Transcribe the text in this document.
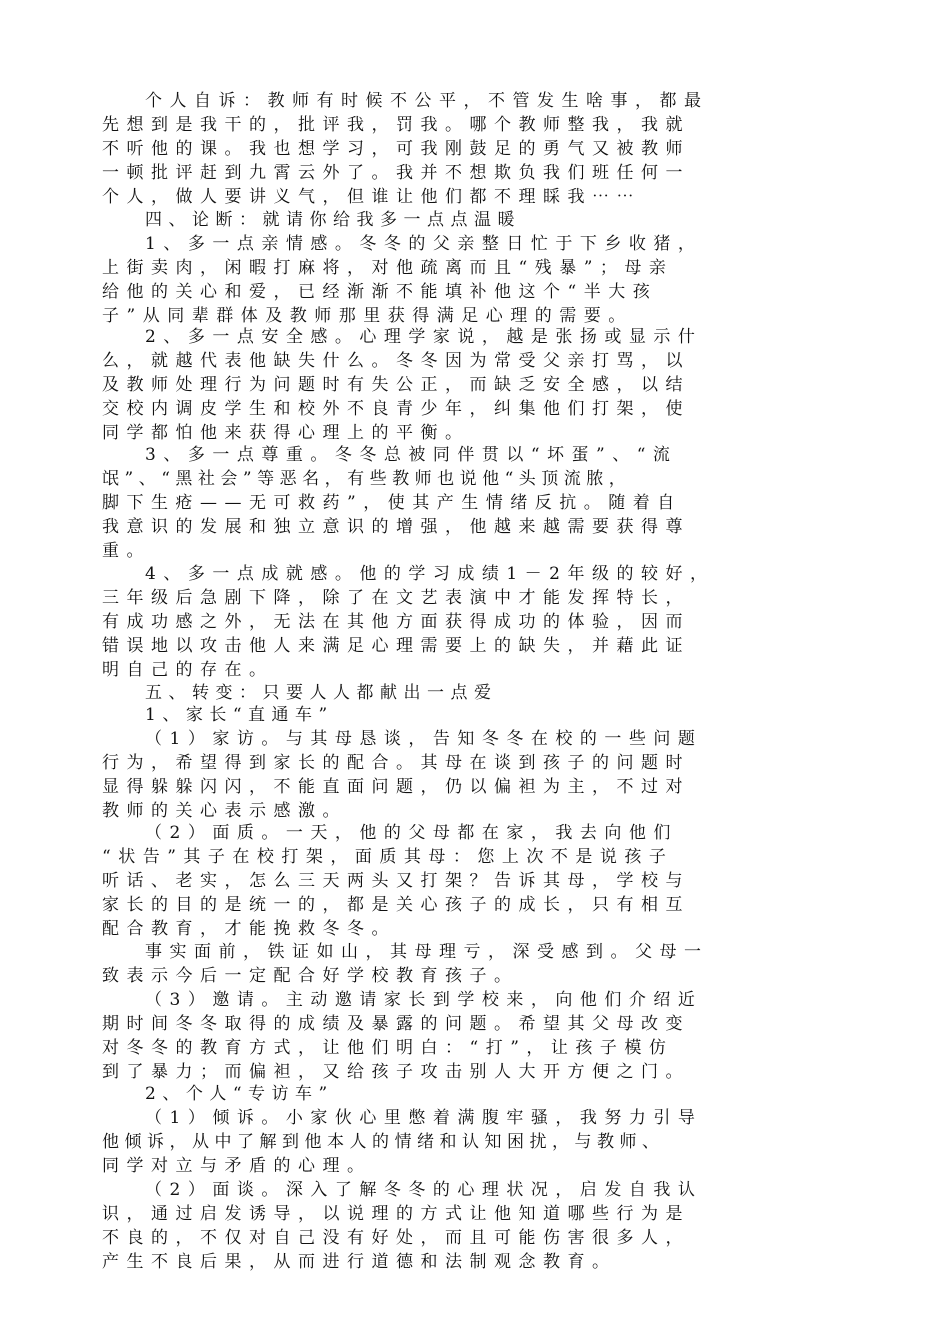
个人自诉：教师有时候不公平，不管发生啥事，都最
先想到是我干的，批评我，罚我。哪个教师整我，我就
不听他的课。我也想学习，可我刚鼓足的勇气又被教师
一顿批评赶到九霄云外了。我并不想欺负我们班任何一
个人，做人要讲义气，但谁让他们都不理睬我⋯⋯
四、论断：就请你给我多一点点温暖
1、多一点亲情感。冬冬的父亲整日忙于下乡收猪，
上街卖肉，闲暇打麻将，对他疏离而且“残暴”；母亲
给他的关心和爱，已经渐渐不能填补他这个“半大孩
子”从同辈群体及教师那里获得满足心理的需要。
2、多一点安全感。心理学家说，越是张扬或显示什
么，就越代表他缺失什么。冬冬因为常受父亲打骂，以
及教师处理行为问题时有失公正，而缺乏安全感，以结
交校内调皮学生和校外不良青少年，纠集他们打架，使
同学都怕他来获得心理上的平衡。
3、多一点尊重。冬冬总被同伴贯以“坏蛋”、“流
氓”、“黑社会”等恶名，有些教师也说他“头顶流脓，
脚下生疮——无可救药”，使其产生情绪反抗。随着自
我意识的发展和独立意识的增强，他越来越需要获得尊
重。
4、多一点成就感。他的学习成绩1－2年级的较好，
三年级后急剧下降，除了在文艺表演中才能发挥特长，
有成功感之外，无法在其他方面获得成功的体验，因而
错误地以攻击他人来满足心理需要上的缺失，并藉此证
明自己的存在。
五、转变：只要人人都献出一点爱
1、家长“直通车”
（1）家访。与其母恳谈，告知冬冬在校的一些问题
行为，希望得到家长的配合。其母在谈到孩子的问题时
显得躲躲闪闪，不能直面问题，仍以偏袒为主，不过对
教师的关心表示感激。
（2）面质。一天，他的父母都在家，我去向他们
“状告”其子在校打架，面质其母：您上次不是说孩子
听话、老实，怎么三天两头又打架？告诉其母，学校与
家长的目的是统一的，都是关心孩子的成长，只有相互
配合教育，才能挽救冬冬。
事实面前，铁证如山，其母理亏，深受感到。父母一
致表示今后一定配合好学校教育孩子。
（3）邀请。主动邀请家长到学校来，向他们介绍近
期时间冬冬取得的成绩及暴露的问题。希望其父母改变
对冬冬的教育方式，让他们明白：“打”，让孩子模仿
到了暴力；而偏袒，又给孩子攻击别人大开方便之门。
2、个人“专访车”
（1）倾诉。小家伙心里憋着满腹牢骚，我努力引导
他倾诉，从中了解到他本人的情绪和认知困扰，与教师、
同学对立与矛盾的心理。
（2）面谈。深入了解冬冬的心理状况，启发自我认
识，通过启发诱导，以说理的方式让他知道哪些行为是
不良的，不仅对自己没有好处，而且可能伤害很多人，
产生不良后果，从而进行道德和法制观念教育。
